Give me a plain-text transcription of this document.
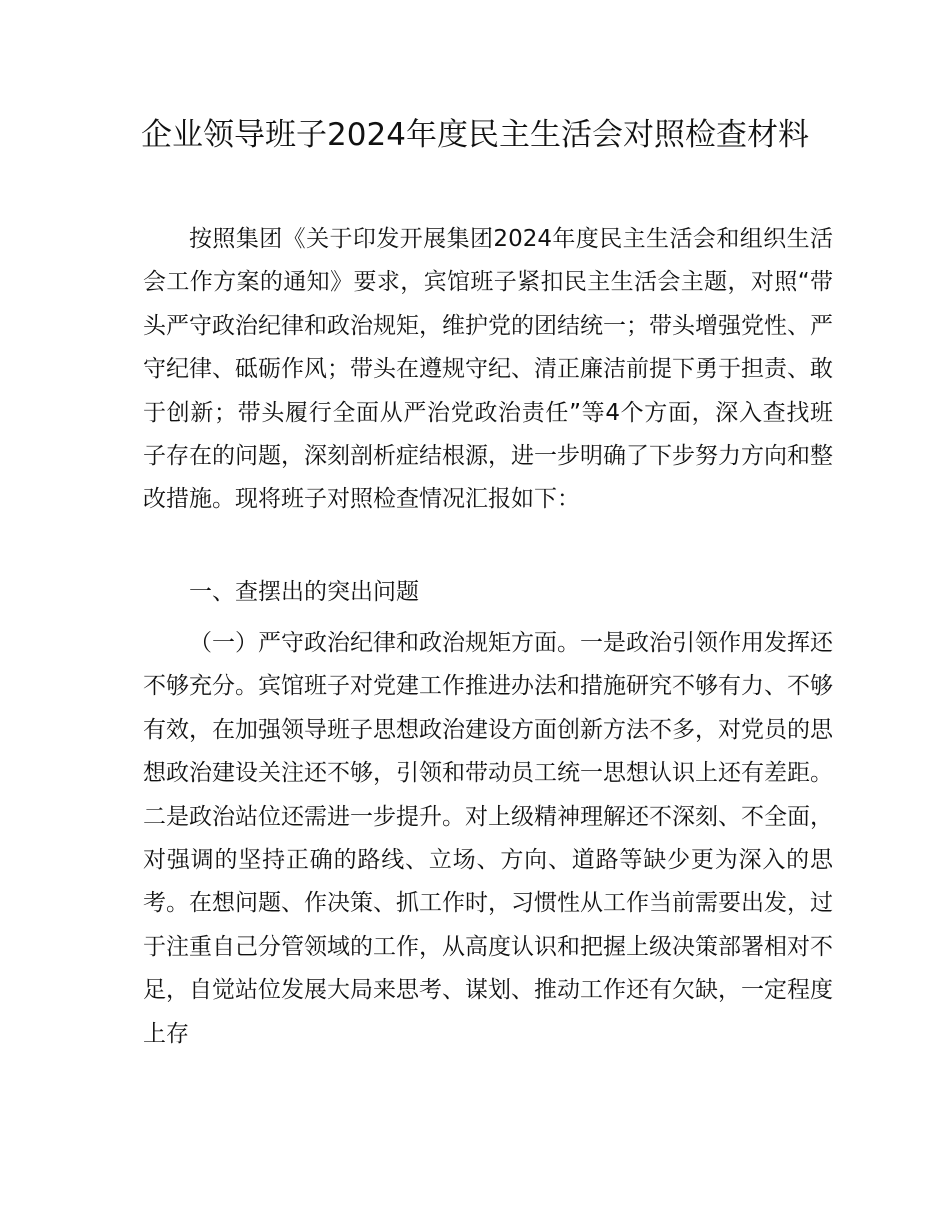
企业领导班子2024年度民主生活会对照检查材料

按照集团《关于印发开展集团2024年度民主生活会和组织生活会工作方案的通知》要求，宾馆班子紧扣民主生活会主题，对照“带头严守政治纪律和政治规矩，维护党的团结统一；带头增强党性、严守纪律、砥砺作风；带头在遵规守纪、清正廉洁前提下勇于担责、敢于创新；带头履行全面从严治党政治责任”等4个方面，深入查找班子存在的问题，深刻剖析症结根源，进一步明确了下步努力方向和整改措施。现将班子对照检查情况汇报如下：

一、查摆出的突出问题

（一）严守政治纪律和政治规矩方面。一是政治引领作用发挥还不够充分。宾馆班子对党建工作推进办法和措施研究不够有力、不够有效，在加强领导班子思想政治建设方面创新方法不多，对党员的思想政治建设关注还不够，引领和带动员工统一思想认识上还有差距。二是政治站位还需进一步提升。对上级精神理解还不深刻、不全面，对强调的坚持正确的路线、立场、方向、道路等缺少更为深入的思考。在想问题、作决策、抓工作时，习惯性从工作当前需要出发，过于注重自己分管领域的工作，从高度认识和把握上级决策部署相对不足，自觉站位发展大局来思考、谋划、推动工作还有欠缺，一定程度上存
